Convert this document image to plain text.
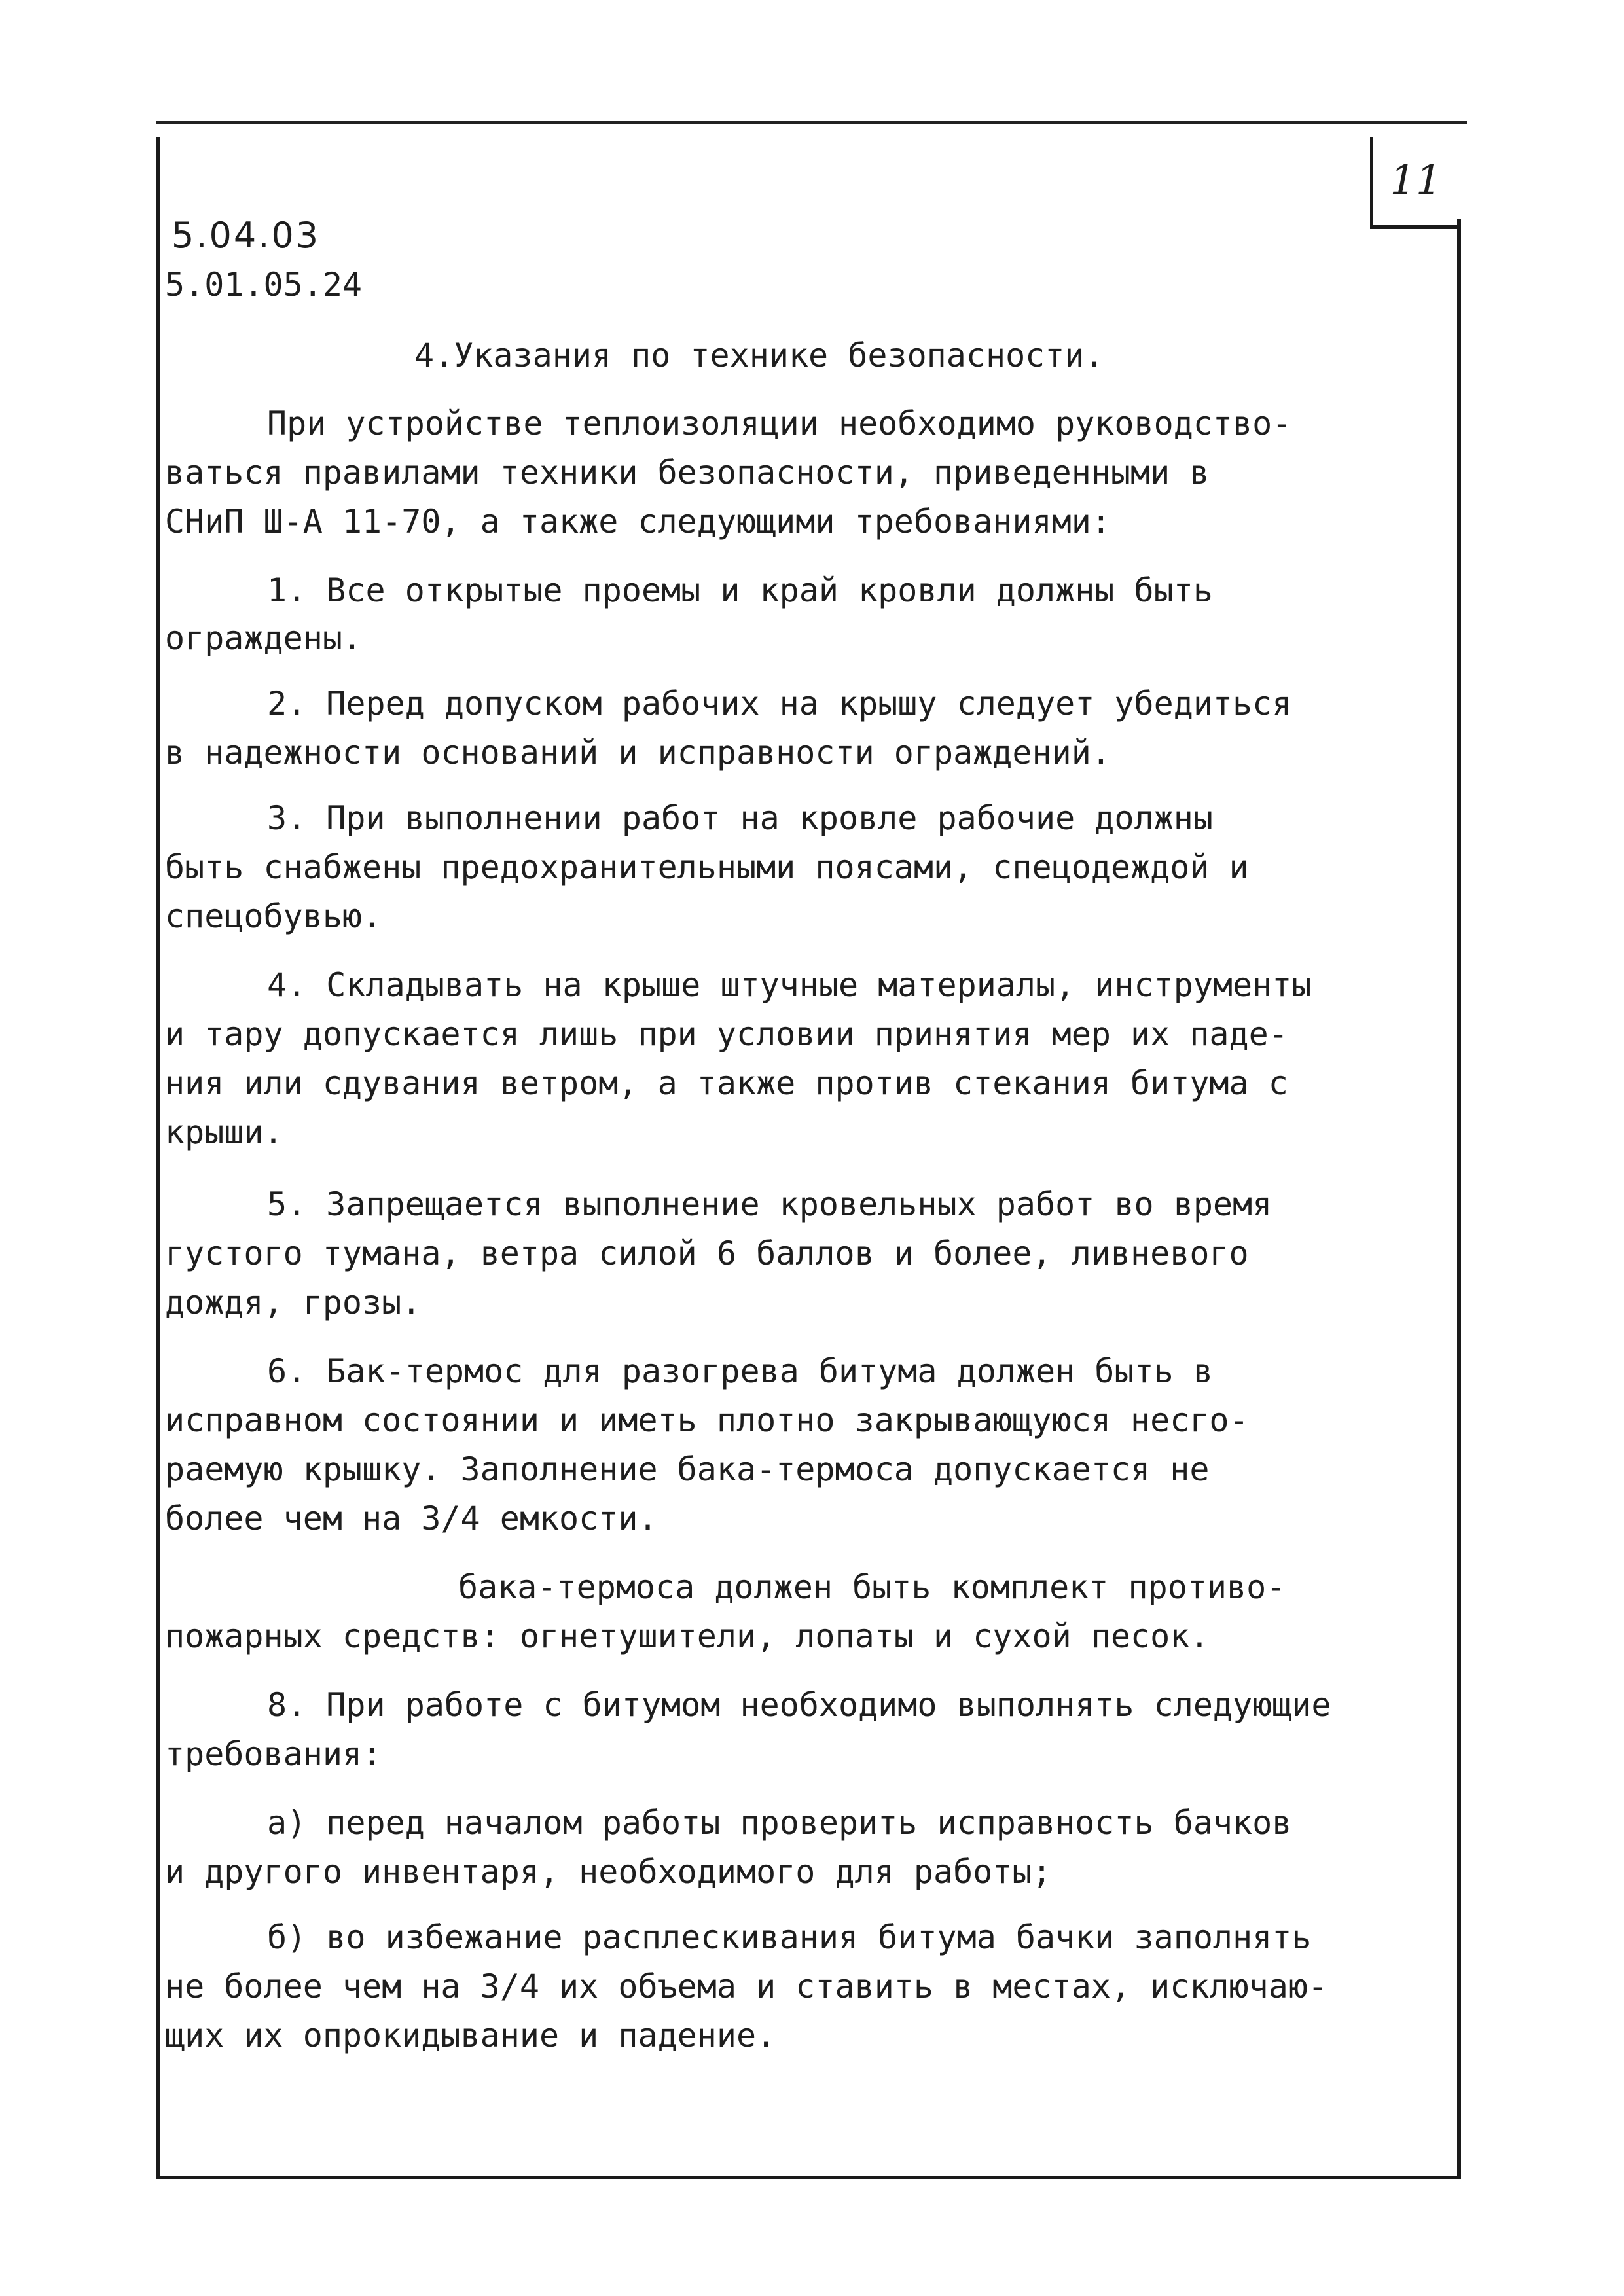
11
5.04.03
5.01.05.24
4.Указания по технике безопасности.
При устройстве теплоизоляции необходимо руководство-
ваться правилами техники безопасности, приведенными в
СНиП Ш-А 11-70, а также следующими требованиями:
1. Все открытые проемы и край кровли должны быть
ограждены.
2. Перед допуском рабочих на крышу следует убедиться
в надежности оснований и исправности ограждений.
3. При выполнении работ на кровле рабочие должны
быть снабжены предохранительными поясами, спецодеждой и
спецобувью.
4. Складывать на крыше штучные материалы, инструменты
и тару допускается лишь при условии принятия мер их паде-
ния или сдувания ветром, а также против стекания битума с
крыши.
5. Запрещается выполнение кровельных работ во время
густого тумана, ветра силой 6 баллов и более, ливневого
дождя, грозы.
6. Бак-термос для разогрева битума должен быть в
исправном состоянии и иметь плотно закрывающуюся несго-
раемую крышку. Заполнение бака-термоса допускается не
более чем на 3/4 емкости.
бака-термоса должен быть комплект противо-
пожарных средств: огнетушители, лопаты и сухой песок.
8. При работе с битумом необходимо выполнять следующие
требования:
а) перед началом работы проверить исправность бачков
и другого инвентаря, необходимого для работы;
б) во избежание расплескивания битума бачки заполнять
не более чем на 3/4 их объема и ставить в местах, исключаю-
щих их опрокидывание и падение.
